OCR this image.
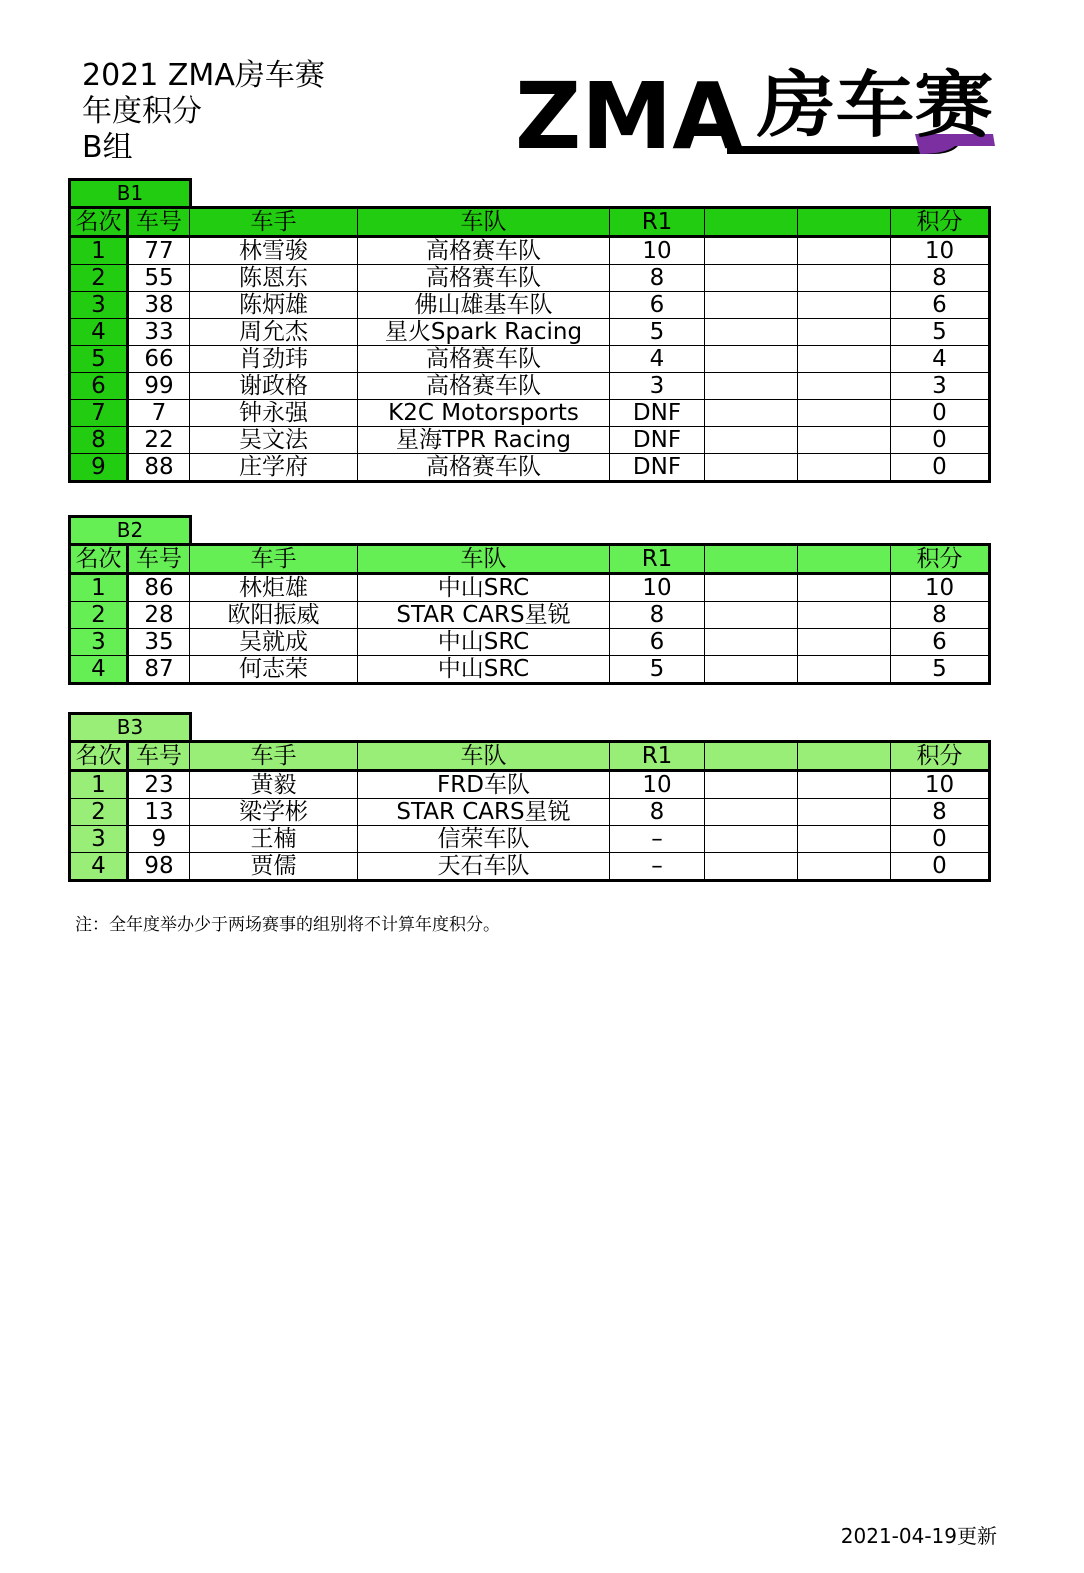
2021 ZMA房车赛
年度积分
B组	ZMA 房车赛
B1
名次	车号	车手	车队	R1			积分
1	77	林雪骏	高格赛车队	10			10
2	55	陈恩东	高格赛车队	8			8
3	38	陈炳雄	佛山雄基车队	6			6
4	33	周允杰	星火Spark Racing	5			5
5	66	肖劲玮	高格赛车队	4			4
6	99	谢政格	高格赛车队	3			3
7	7	钟永强	K2C Motorsports	DNF			0
8	22	吴文法	星海TPR Racing	DNF			0
9	88	庄学府	高格赛车队	DNF			0
B2
名次	车号	车手	车队	R1			积分
1	86	林炬雄	中山SRC	10			10
2	28	欧阳振威	STAR CARS星锐	8			8
3	35	吴就成	中山SRC	6			6
4	87	何志荣	中山SRC	5			5
B3
名次	车号	车手	车队	R1			积分
1	23	黄毅	FRD车队	10			10
2	13	梁学彬	STAR CARS星锐	8			8
3	9	王楠	信荣车队	–			0
4	98	贾儒	天石车队	–			0
注：全年度举办少于两场赛事的组别将不计算年度积分。
2021-04-19更新
